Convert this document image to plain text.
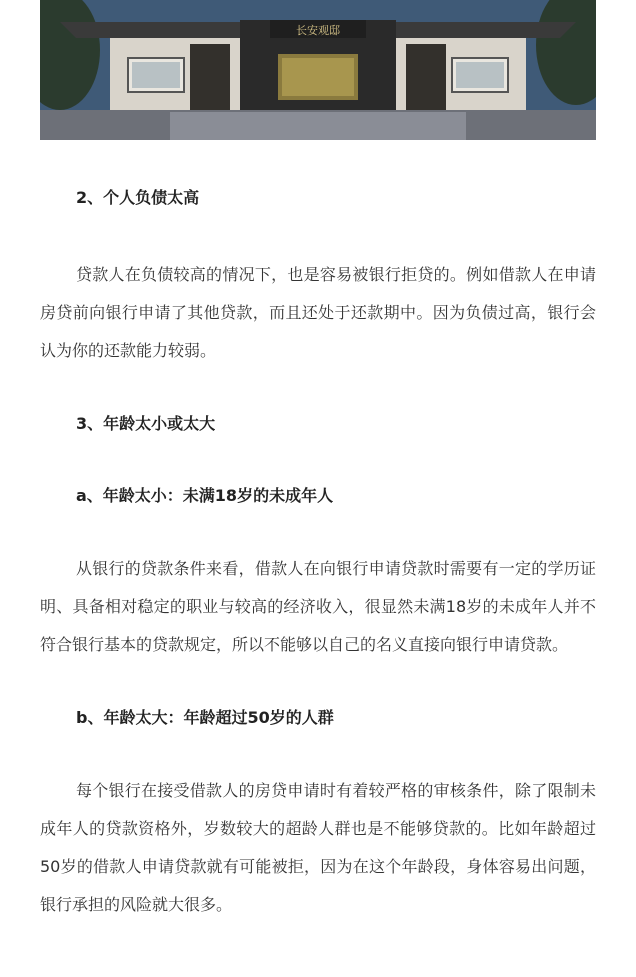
长安观邸

2、个人负债太高

贷款人在负债较高的情况下，也是容易被银行拒贷的。例如借款人在申请房贷前向银行申请了其他贷款，而且还处于还款期中。因为负债过高，银行会认为你的还款能力较弱。

3、年龄太小或太大

a、年龄太小：未满18岁的未成年人

从银行的贷款条件来看，借款人在向银行申请贷款时需要有一定的学历证明、具备相对稳定的职业与较高的经济收入，很显然未满18岁的未成年人并不符合银行基本的贷款规定，所以不能够以自己的名义直接向银行申请贷款。

b、年龄太大：年龄超过50岁的人群

每个银行在接受借款人的房贷申请时有着较严格的审核条件，除了限制未成年人的贷款资格外，岁数较大的超龄人群也是不能够贷款的。比如年龄超过50岁的借款人申请贷款就有可能被拒，因为在这个年龄段，身体容易出问题，银行承担的风险就大很多。
